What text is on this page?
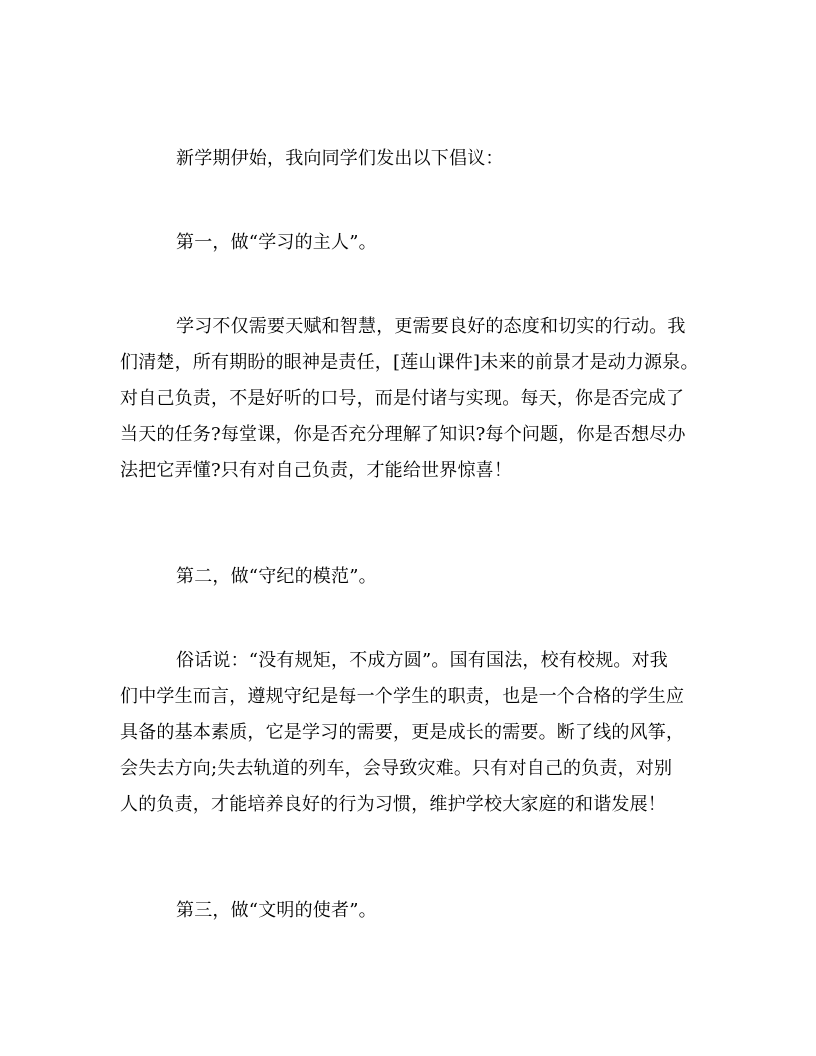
新学期伊始，我向同学们发出以下倡议：
第一，做“学习的主人”。
学习不仅需要天赋和智慧，更需要良好的态度和切实的行动。我
们清楚，所有期盼的眼神是责任，[莲山课件]未来的前景才是动力源泉。
对自己负责，不是好听的口号，而是付诸与实现。每天，你是否完成了
当天的任务?每堂课，你是否充分理解了知识?每个问题，你是否想尽办
法把它弄懂?只有对自己负责，才能给世界惊喜！
第二，做“守纪的模范”。
俗话说：“没有规矩，不成方圆”。国有国法，校有校规。对我
们中学生而言，遵规守纪是每一个学生的职责，也是一个合格的学生应
具备的基本素质，它是学习的需要，更是成长的需要。断了线的风筝，
会失去方向;失去轨道的列车，会导致灾难。只有对自己的负责，对别
人的负责，才能培养良好的行为习惯，维护学校大家庭的和谐发展！
第三，做“文明的使者”。
